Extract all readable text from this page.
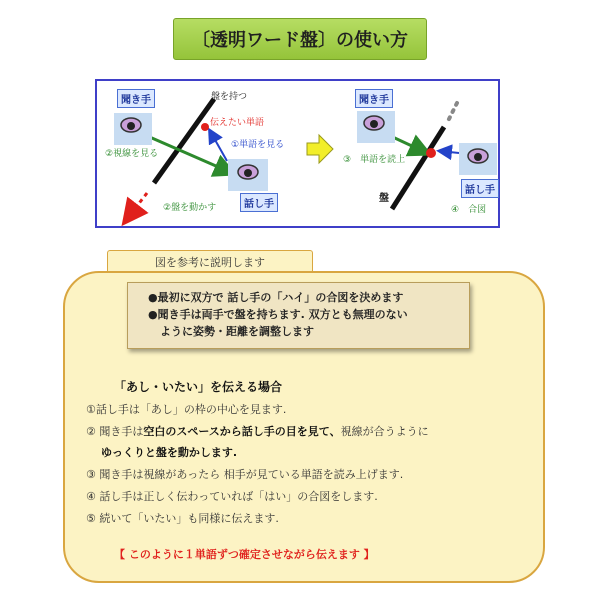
〔透明ワード盤〕の使い方
聞き手	盤を持つ
伝えたい単語
①単語を見る
②視線を見る
話し手
②盤を動かす
聞き手
③　単語を読上
盤
話し手
④　合図
図を参考に説明します

●最初に双方で 話し手の「ハイ」の合図を決めます

●聞き手は両手で盤を持ちます. 双方とも無理のない

ように姿勢・距離を調整します

「あし・いたい」を伝える場合
①話し手は「あし」の枠の中心を見ます.
② 聞き手は空白のスペースから話し手の目を見て、視線が合うように
ゆっくりと盤を動かします.
③ 聞き手は視線があったら 相手が見ている単語を読み上げます.
④ 話し手は正しく伝わっていれば「はい」の合図をします.
⑤ 続いて「いたい」も同様に伝えます.
【 このように１単語ずつ確定させながら伝えます 】
